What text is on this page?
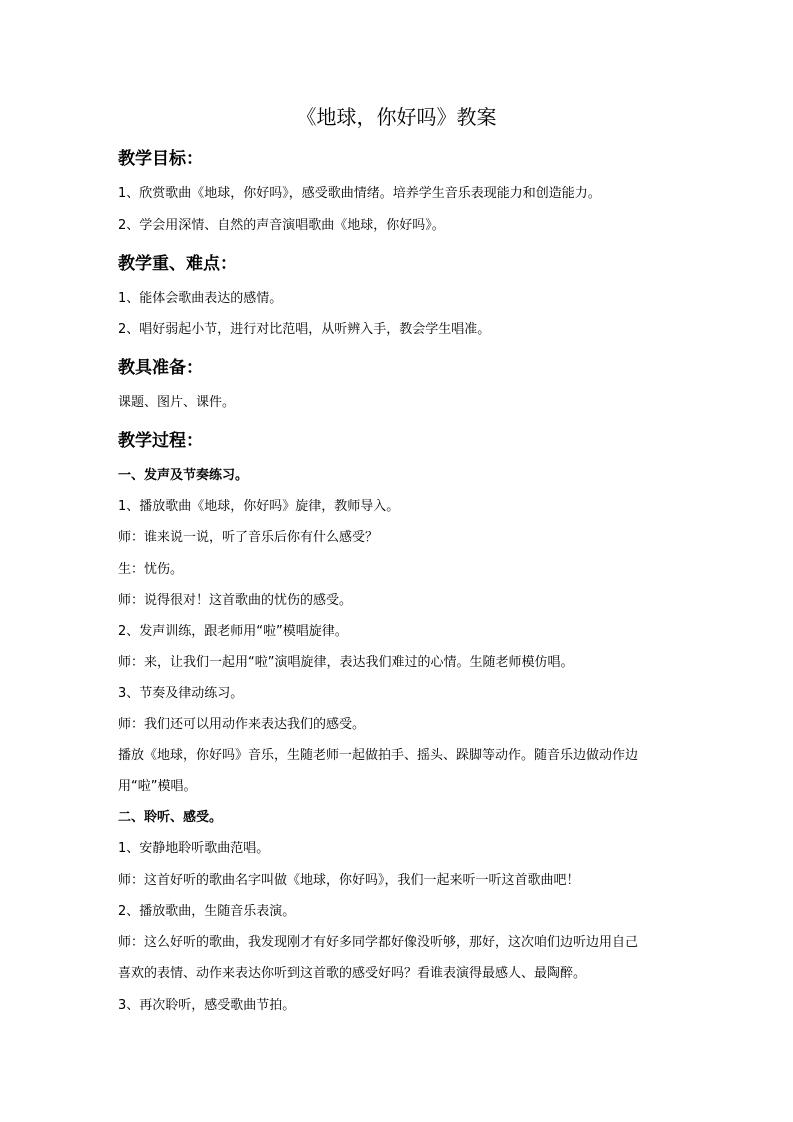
《地球，你好吗》教案
教学目标：
1、欣赏歌曲《地球，你好吗》，感受歌曲情绪。培养学生音乐表现能力和创造能力。
2、学会用深情、自然的声音演唱歌曲《地球，你好吗》。
教学重、难点：
1、能体会歌曲表达的感情。
2、唱好弱起小节，进行对比范唱，从听辨入手，教会学生唱准。
教具准备：
课题、图片、课件。
教学过程：
一、发声及节奏练习。
1、播放歌曲《地球，你好吗》旋律，教师导入。
师：谁来说一说，听了音乐后你有什么感受？
生：忧伤。
师：说得很对！这首歌曲的忧伤的感受。
2、发声训练，跟老师用“啦”模唱旋律。
师：来，让我们一起用“啦”演唱旋律，表达我们难过的心情。生随老师模仿唱。
3、节奏及律动练习。
师：我们还可以用动作来表达我们的感受。
播放《地球，你好吗》音乐，生随老师一起做拍手、摇头、跺脚等动作。随音乐边做动作边
用“啦”模唱。
二、聆听、感受。
1、安静地聆听歌曲范唱。
师：这首好听的歌曲名字叫做《地球，你好吗》，我们一起来听一听这首歌曲吧！
2、播放歌曲，生随音乐表演。
师：这么好听的歌曲，我发现刚才有好多同学都好像没听够，那好，这次咱们边听边用自己
喜欢的表情、动作来表达你听到这首歌的感受好吗？看谁表演得最感人、最陶醉。
3、再次聆听，感受歌曲节拍。
